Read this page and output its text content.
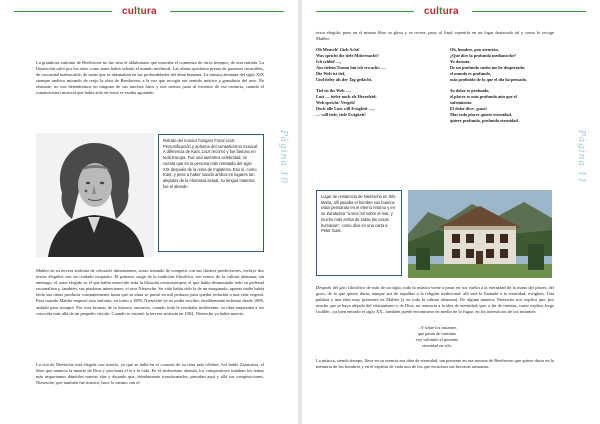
cultura

La grandiosa sinfonía de Beethoven no fue sino el aldabonazo que marcaba el comienzo de otros tiempos, de otra mirada. La Ilustración saltó por los aires como antes había saltado el mundo medieval. Las almas quedaron presas de pasiones incurables, de oscuridad inabarcable, de notas que se abismaban en las profundidades del alma humana. La música alemana del siglo XIX siempre anduvo mirando de reojo la obra de Beethoven, a la vez que recogía ese sentido místico y grandioso del arte. No obstante, no nos detendremos en ninguno de sus muchos hitos y nos iremos justo al extremo de esa centuria, cuando el romanticismo musical que había sido en norte se estaba agotando.

Retrato del músico húngaro Franz Liszt. Personificación y epítome del romanticismo musical. A diferencia de Kant, Liszt recorrió y fue famoso en toda Europa. Fue una auténtica celebridad, se cuenta que en la persona más retratada del siglo XIX después de la reina de Inglaterra. Eso sí, como Kant, y pese a haber nacido ambos en lugares tan alejados de la Alemania actual, su lengua materna fue el alemán.

Mahler en su tercera sinfonía de colosales dimensiones, acaso tratando de competir con sus ilustres predecesores, incluye dos textos elegidos con un cuidado exquisito. El primero surge de la tradición filosófica, ese centro de la cultura alemana; sin embargo, el autor elegido es el que había removido toda la filosofía centroeuropea, el que había desmontado todo su pedestal racionalista y, también, sus piadosas intenciones: el otro Nietzsche. Su vida había sido la de un marginado, apenas nadie había leído sus obras producía constantemente hasta que su alma se partió en mil pedazos para quedar reducida a una vida vegetal. Para cuando Mahler empezó esta sinfonía, en torno a 1895, Nietzsche ya no podía escribir, terriblemente enfermo desde 1889, aislado para siempre. Por esas bromas de la historia, entonces, cuando todo le resultaba indiferente, su obra empezaba a ser conocida más allá de un pequeño círculo. Cuando se estrenó la tercera sinfonía en 1902, Nietzsche ya había muerto.

La cita de Nietzsche está elegida con acierto, ya que se halla en el corazón de su obra más célebre, Así habló Zaratustra, el libro que anuncia la muerte de Dios y proclama el sí a la vida. En el sinfonismo alemán, los compositores trataban los temas más importantes dándoles nuevas alas y dejando que, debidamente transformados, presidan aquí y allá sus composiciones. Nietzsche, que también fue músico, hace lo mismo con el

Página 10
cultura

texto elegido, pues en el mismo libro se glosa y se recrea, para, al final, repetirlo en un lugar destacado tal y como lo recoge Mahler:

Oh Mensch! Gieb Acht!
Was spricht die tiefe Mitternacht?
Ich schlief —,
Aus tiefem Traum bin ich erwacht: —
Die Welt ist tief,
Und tiefer als der Tag gedacht.
Tief ist ihr Weh —,
Lust — tiefer noch als Herzeleid:
Weh spricht: Vergeh!
Doch alle Lust will Ewigkeit —,
— will tiefe, tiefe Ewigkeit!
Oh, hombre, pon atención.
¿Qué dice la profunda medianoche?
Yo dormía.
De un profundo sueño me he despertado:
el mundo es profundo,
más profundo de lo que el día ha pensado.
Su dolor es profundo,
el placer es más profundo aún que el
sufrimiento.
El dolor dice: ¡pasa!
Mas todo placer quiere eternidad,
quiere profunda, profunda eternidad.

Lugar de residencia de Nietzsche en Sils-Maria, allí pasaba el hombre sus buenos ratos pensando en el eterno retorno y en su Zaratustra "a seis mil sobre el mar, y mucho más arriba de todas las cosas humanas", como dice en una carta a Peter Gast.

Después del giro filosófico de más de un siglo, toda la música viene a parar en sus vuelta a la eternidad de la mano del placer, del gozo, de lo que quiere durar, aunque sea de espaldas a la religión tradicional: allí está la llamada a la eternidad: ewigkeit. Una palabra y una idea muy presentes en Mahler (y en toda la cultura alemana). De alguna manera, Nietzsche nos explica que, por mucho que se haya alejado del cristianismo y de Dios, no renuncia a la idea de eternidad; que, a fin de cuentas, como explica Jorge Guillén –ya bien entrado el siglo XX– también puede encontrarse en medio de lo fugaz, en los intersticios de los instantes:

...Y sobre los instantes
que pasan de continuo
voy salvando el presente
eternidad en vilo.

La música, siendo tiempo, lleva en su esencia esa idea de eternidad, tan presente en esa novena de Beethoven que quiere durar en la memoria de los hombres y en el espíritu de cada uno de los que escuchan sus heroicas armonías.

Página 11
